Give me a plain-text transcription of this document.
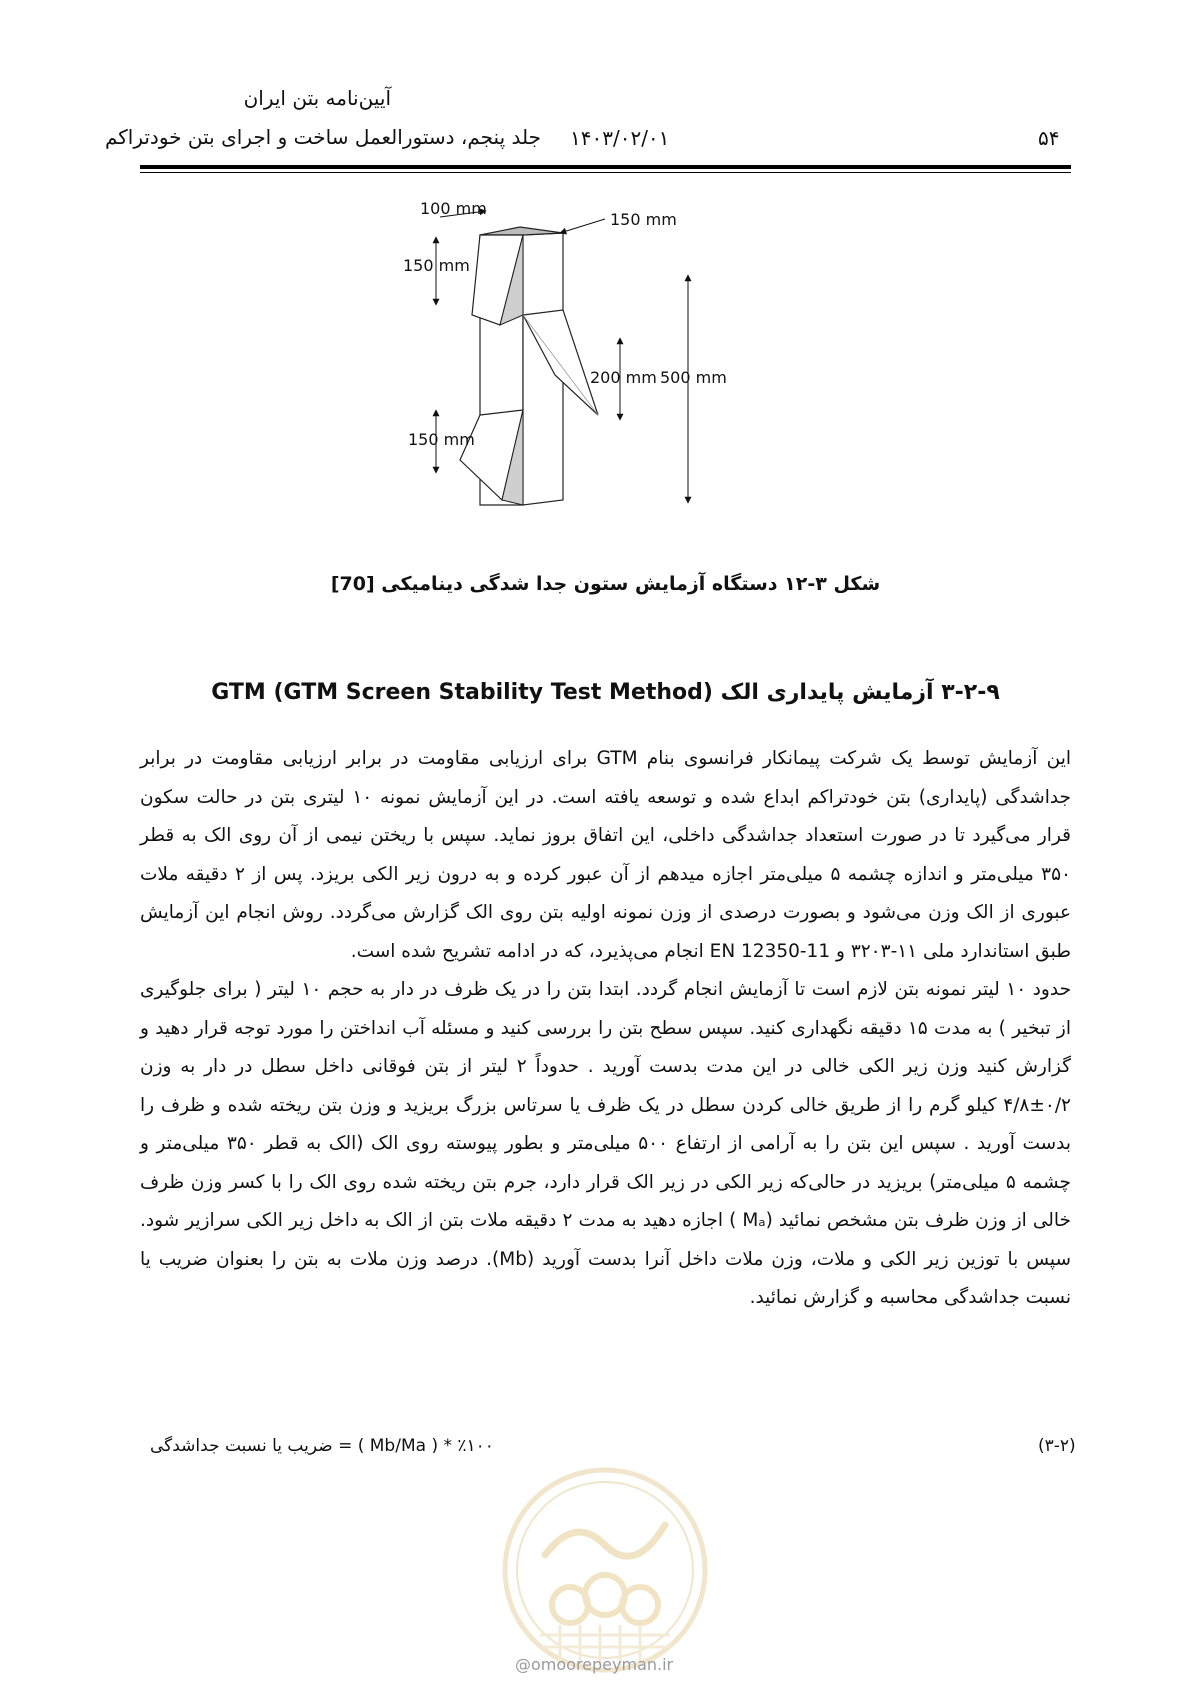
آیین‌نامه بتن ایران
جلد پنجم، دستورالعمل ساخت و اجرای بتن خودتراکم ۱۴۰۳/۰۲/۰۱	۵۴
100 mm
150 mm
150 mm
200 mm 500 mm
150 mm
شکل ۳-۱۲ دستگاه آزمایش ستون جدا شدگی دینامیکی [70]
۳-۲-۹ آزمایش پایداری الک GTM (GTM Screen Stability Test Method)

این آزمایش توسط یک شرکت پیمانکار فرانسوی بنام GTM برای ارزیابی مقاومت در برابر ارزیابی مقاومت در برابر جداشدگی (پایداری) بتن خودتراکم ابداع شده و توسعه یافته است. در این آزمایش نمونه ۱۰ لیتری بتن در حالت سکون قرار می‌گیرد تا در صورت استعداد جداشدگی داخلی، این اتفاق بروز نماید. سپس با ریختن نیمی از آن روی الک به قطر ۳۵۰ میلی‌متر و اندازه چشمه ۵ میلی‌متر اجازه میدهم از آن عبور کرده و به درون زیر الکی بریزد. پس از ۲ دقیقه ملات عبوری از الک وزن می‌شود و بصورت درصدی از وزن نمونه اولیه بتن روی الک گزارش می‌گردد. روش انجام این آزمایش طبق استاندارد ملی ۱۱-۳۲۰۳ و EN 12350-11 انجام می‌پذیرد، که در ادامه تشریح شده است.

حدود ۱۰ لیتر نمونه بتن لازم است تا آزمایش انجام گردد. ابتدا بتن را در یک ظرف در دار به حجم ۱۰ لیتر ( برای جلوگیری از تبخیر ) به مدت ۱۵ دقیقه نگهداری کنید. سپس سطح بتن را بررسی کنید و مسئله آب انداختن را مورد توجه قرار دهید و گزارش کنید وزن زیر الکی خالی در این مدت بدست آورید . حدوداً ۲ لیتر از بتن فوقانی داخل سطل در دار به وزن ۰/۲±۴/۸ کیلو گرم را از طریق خالی کردن سطل در یک ظرف یا سرتاس بزرگ بریزید و وزن بتن ریخته شده و ظرف را بدست آورید . سپس این بتن را به آرامی از ارتفاع ۵۰۰ میلی‌متر و بطور پیوسته روی الک (الک به قطر ۳۵۰ میلی‌متر و چشمه ۵ میلی‌متر) بریزید در حالی‌که زیر الکی در زیر الک قرار دارد، جرم بتن ریخته شده روی الک را با کسر وزن ظرف خالی از وزن ظرف بتن مشخص نمائید (Mₐ ) اجازه دهید به مدت ۲ دقیقه ملات بتن از الک به داخل زیر الکی سرازیر شود. سپس با توزین زیر الکی و ملات، وزن ملات داخل آنرا بدست آورید (Mb). درصد وزن ملات به بتن را بعنوان ضریب یا نسبت جداشدگی محاسبه و گزارش نمائید.

٪۱۰۰ * ( Mb/Ma ) = ضریب یا نسبت جداشدگی	(۳-۲)
@omoorepeyman.ir
